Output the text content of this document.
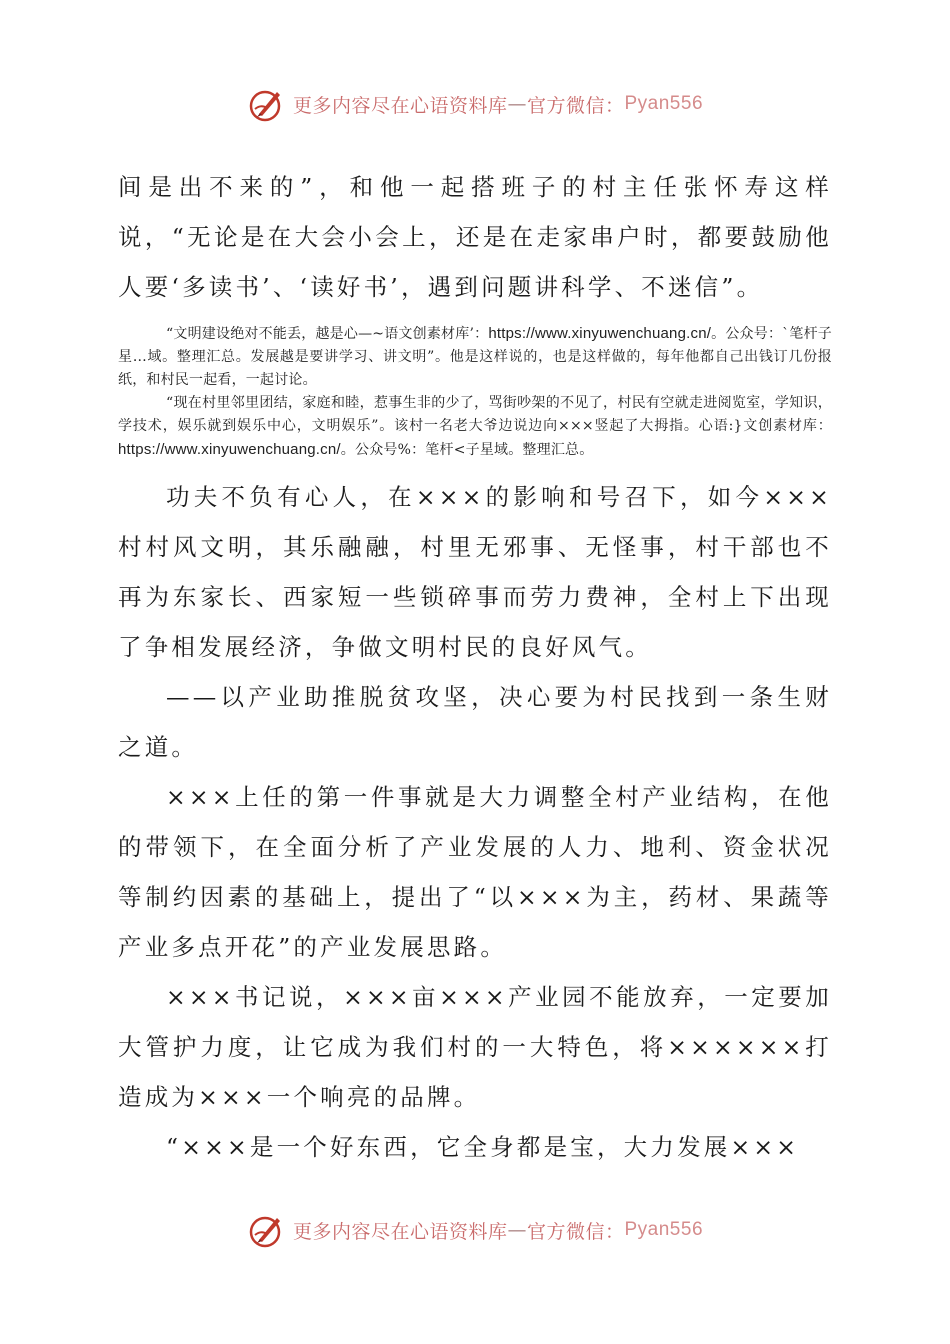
更多内容尽在心语资料库 — 官方微信： Pyan556

间是出不来的”，和他一起搭班子的村主任张怀寿这样说，“无论是在大会小会上，还是在走家串户时，都要鼓励他人要‘多读书’、‘读好书’，遇到问题讲科学、不迷信”。

“文明建设绝对不能丢，越是心—~语文创素材库’：https://www.xinyuwenchuang.cn/。公众号：`笔杆子星…域。整理汇总。发展越是要讲学习、讲文明”。他是这样说的，也是这样做的，每年他都自己出钱订几份报纸，和村民一起看，一起讨论。

“现在村里邻里团结，家庭和睦，惹事生非的少了，骂街吵架的不见了，村民有空就走进阅览室，学知识，学技术，娱乐就到娱乐中心，文明娱乐”。该村一名老大爷边说边向×××竖起了大拇指。心语:}文创素材库：https://www.xinyuwenchuang.cn/。公众号%：笔杆<子星域。整理汇总。

功夫不负有心人，在×××的影响和号召下，如今×××村村风文明，其乐融融，村里无邪事、无怪事，村干部也不再为东家长、西家短一些锁碎事而劳力费神，全村上下出现了争相发展经济，争做文明村民的良好风气。

——以产业助推脱贫攻坚，决心要为村民找到一条生财之道。

×××上任的第一件事就是大力调整全村产业结构，在他的带领下，在全面分析了产业发展的人力、地利、资金状况等制约因素的基础上，提出了“以×××为主，药材、果蔬等产业多点开花”的产业发展思路。

×××书记说，×××亩×××产业园不能放弃，一定要加大管护力度，让它成为我们村的一大特色，将××××××打造成为×××一个响亮的品牌。

“×××是一个好东西，它全身都是宝，大力发展×××

更多内容尽在心语资料库 — 官方微信： Pyan556
